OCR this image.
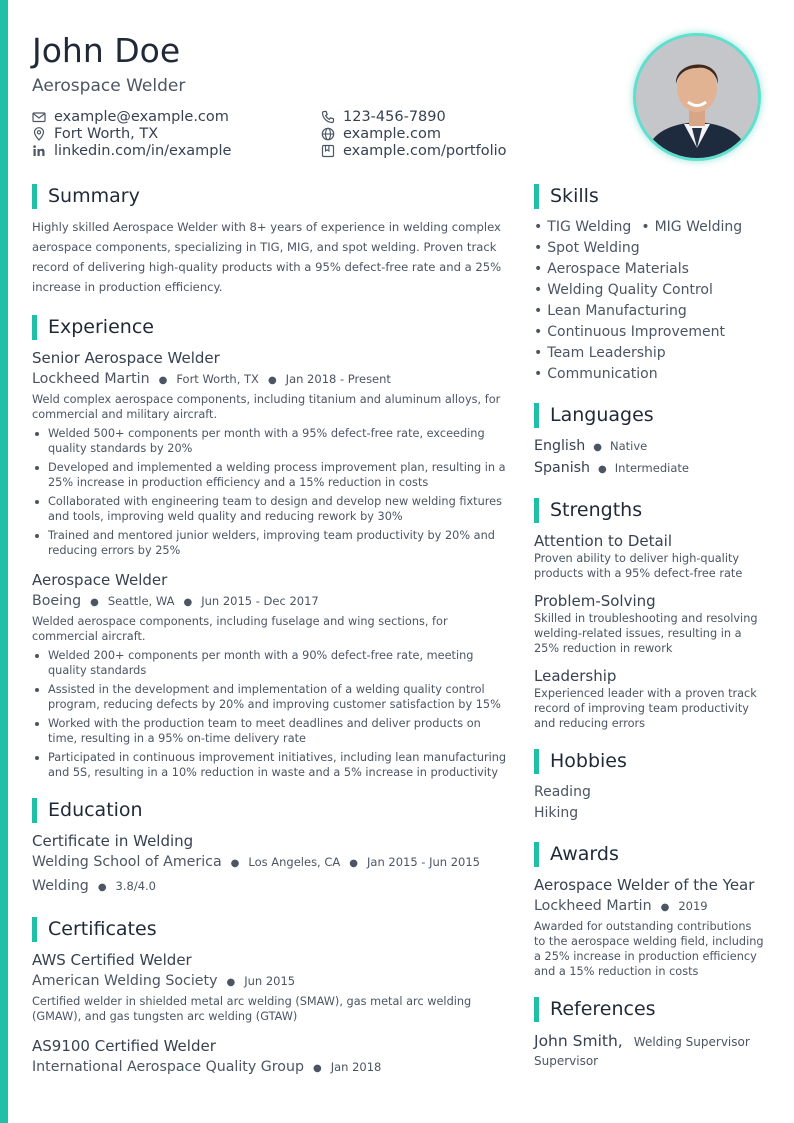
John Doe
Aerospace Welder
example@example.com
Fort Worth, TX
linkedin.com/in/example
123-456-7890
example.com
example.com/portfolio
Summary
Highly skilled Aerospace Welder with 8+ years of experience in welding complex aerospace components, specializing in TIG, MIG, and spot welding. Proven track record of delivering high-quality products with a 95% defect-free rate and a 25% increase in production efficiency.
Experience
Senior Aerospace Welder
Lockheed Martin ● Fort Worth, TX ● Jan 2018 - Present
Weld complex aerospace components, including titanium and aluminum alloys, for commercial and military aircraft.
Welded 500+ components per month with a 95% defect-free rate, exceeding quality standards by 20%
Developed and implemented a welding process improvement plan, resulting in a 25% increase in production efficiency and a 15% reduction in costs
Collaborated with engineering team to design and develop new welding fixtures and tools, improving weld quality and reducing rework by 30%
Trained and mentored junior welders, improving team productivity by 20% and reducing errors by 25%
Aerospace Welder
Boeing ● Seattle, WA ● Jun 2015 - Dec 2017
Welded aerospace components, including fuselage and wing sections, for commercial aircraft.
Welded 200+ components per month with a 90% defect-free rate, meeting quality standards
Assisted in the development and implementation of a welding quality control program, reducing defects by 20% and improving customer satisfaction by 15%
Worked with the production team to meet deadlines and deliver products on time, resulting in a 95% on-time delivery rate
Participated in continuous improvement initiatives, including lean manufacturing and 5S, resulting in a 10% reduction in waste and a 5% increase in productivity
Education
Certificate in Welding
Welding School of America ● Los Angeles, CA ● Jan 2015 - Jun 2015
Welding ● 3.8/4.0
Certificates
AWS Certified Welder
American Welding Society ● Jun 2015
Certified welder in shielded metal arc welding (SMAW), gas metal arc welding (GMAW), and gas tungsten arc welding (GTAW)
AS9100 Certified Welder
International Aerospace Quality Group ● Jan 2018
Skills
• TIG Welding
•	MIG Welding
• Spot Welding
• Aerospace Materials
• Welding Quality Control
• Lean Manufacturing
• Continuous Improvement
• Team Leadership
• Communication
Languages
English ● Native
Spanish ● Intermediate
Strengths
Attention to Detail
Proven ability to deliver high-quality products with a 95% defect-free rate
Problem-Solving
Skilled in troubleshooting and resolving welding-related issues, resulting in a 25% reduction in rework
Leadership
Experienced leader with a proven track record of improving team productivity and reducing errors
Hobbies
Reading
Hiking
Awards
Aerospace Welder of the Year
Lockheed Martin ● 2019
Awarded for outstanding contributions to the aerospace welding field, including a 25% increase in production efficiency and a 15% reduction in costs
References
John Smith, Welding Supervisor
Supervisor
